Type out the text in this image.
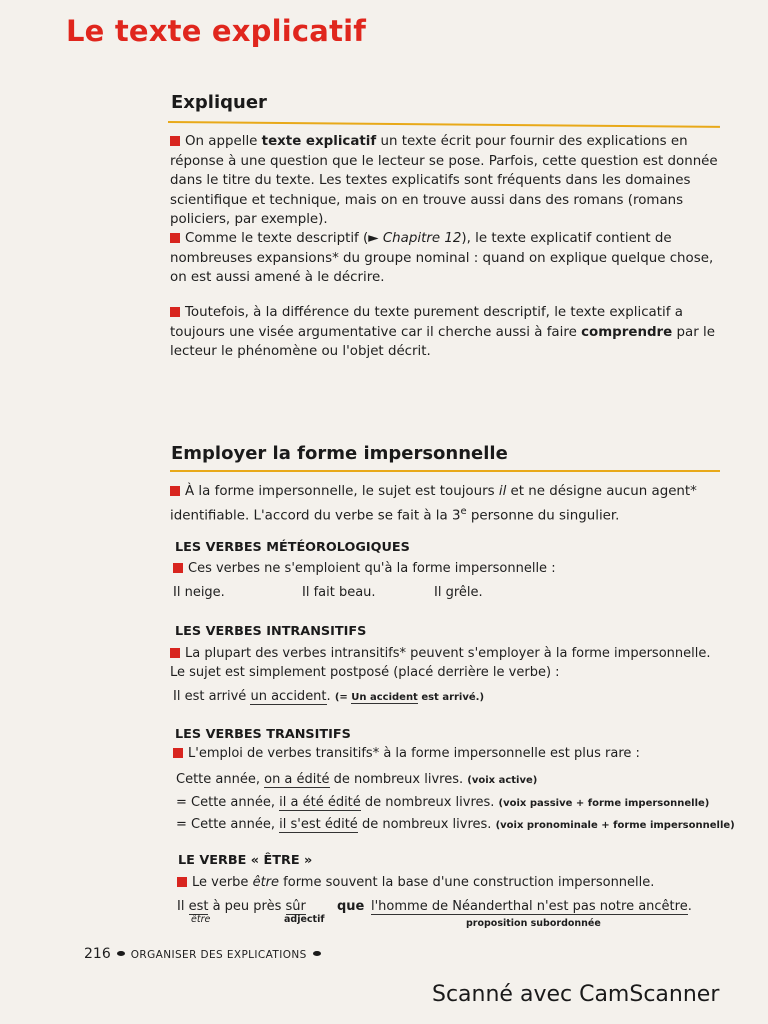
Le texte explicatif
Expliquer
On appelle texte explicatif un texte écrit pour fournir des explications en réponse à une question que le lecteur se pose. Parfois, cette question est donnée dans le titre du texte. Les textes explicatifs sont fréquents dans les domaines scientifique et technique, mais on en trouve aussi dans des romans (romans policiers, par exemple).
Comme le texte descriptif (► Chapitre 12), le texte explicatif contient de nombreuses expansions* du groupe nominal : quand on explique quelque chose, on est aussi amené à le décrire.
Toutefois, à la différence du texte purement descriptif, le texte explicatif a toujours une visée argumentative car il cherche aussi à faire comprendre par le lecteur le phénomène ou l'objet décrit.
Employer la forme impersonnelle
À la forme impersonnelle, le sujet est toujours il et ne désigne aucun agent* identifiable. L'accord du verbe se fait à la 3e personne du singulier.
LES VERBES MÉTÉOROLOGIQUES
Ces verbes ne s'emploient qu'à la forme impersonnelle :
Il neige.	Il fait beau.	Il grêle.
LES VERBES INTRANSITIFS
La plupart des verbes intransitifs* peuvent s'employer à la forme impersonnelle. Le sujet est simplement postposé (placé derrière le verbe) :
Il est arrivé un accident. (= Un accident est arrivé.)
LES VERBES TRANSITIFS
L'emploi de verbes transitifs* à la forme impersonnelle est plus rare :
Cette année, on a édité de nombreux livres. (voix active)
= Cette année, il a été édité de nombreux livres. (voix passive + forme impersonnelle)
= Cette année, il s'est édité de nombreux livres. (voix pronominale + forme impersonnelle)
LE VERBE « ÊTRE »
Le verbe être forme souvent la base d'une construction impersonnelle.
Il est à peu près sûr que l'homme de Néanderthal n'est pas notre ancêtre.
être	adjectif	proposition subordonnée
216 ORGANISER DES EXPLICATIONS
Scanné avec CamScanner
